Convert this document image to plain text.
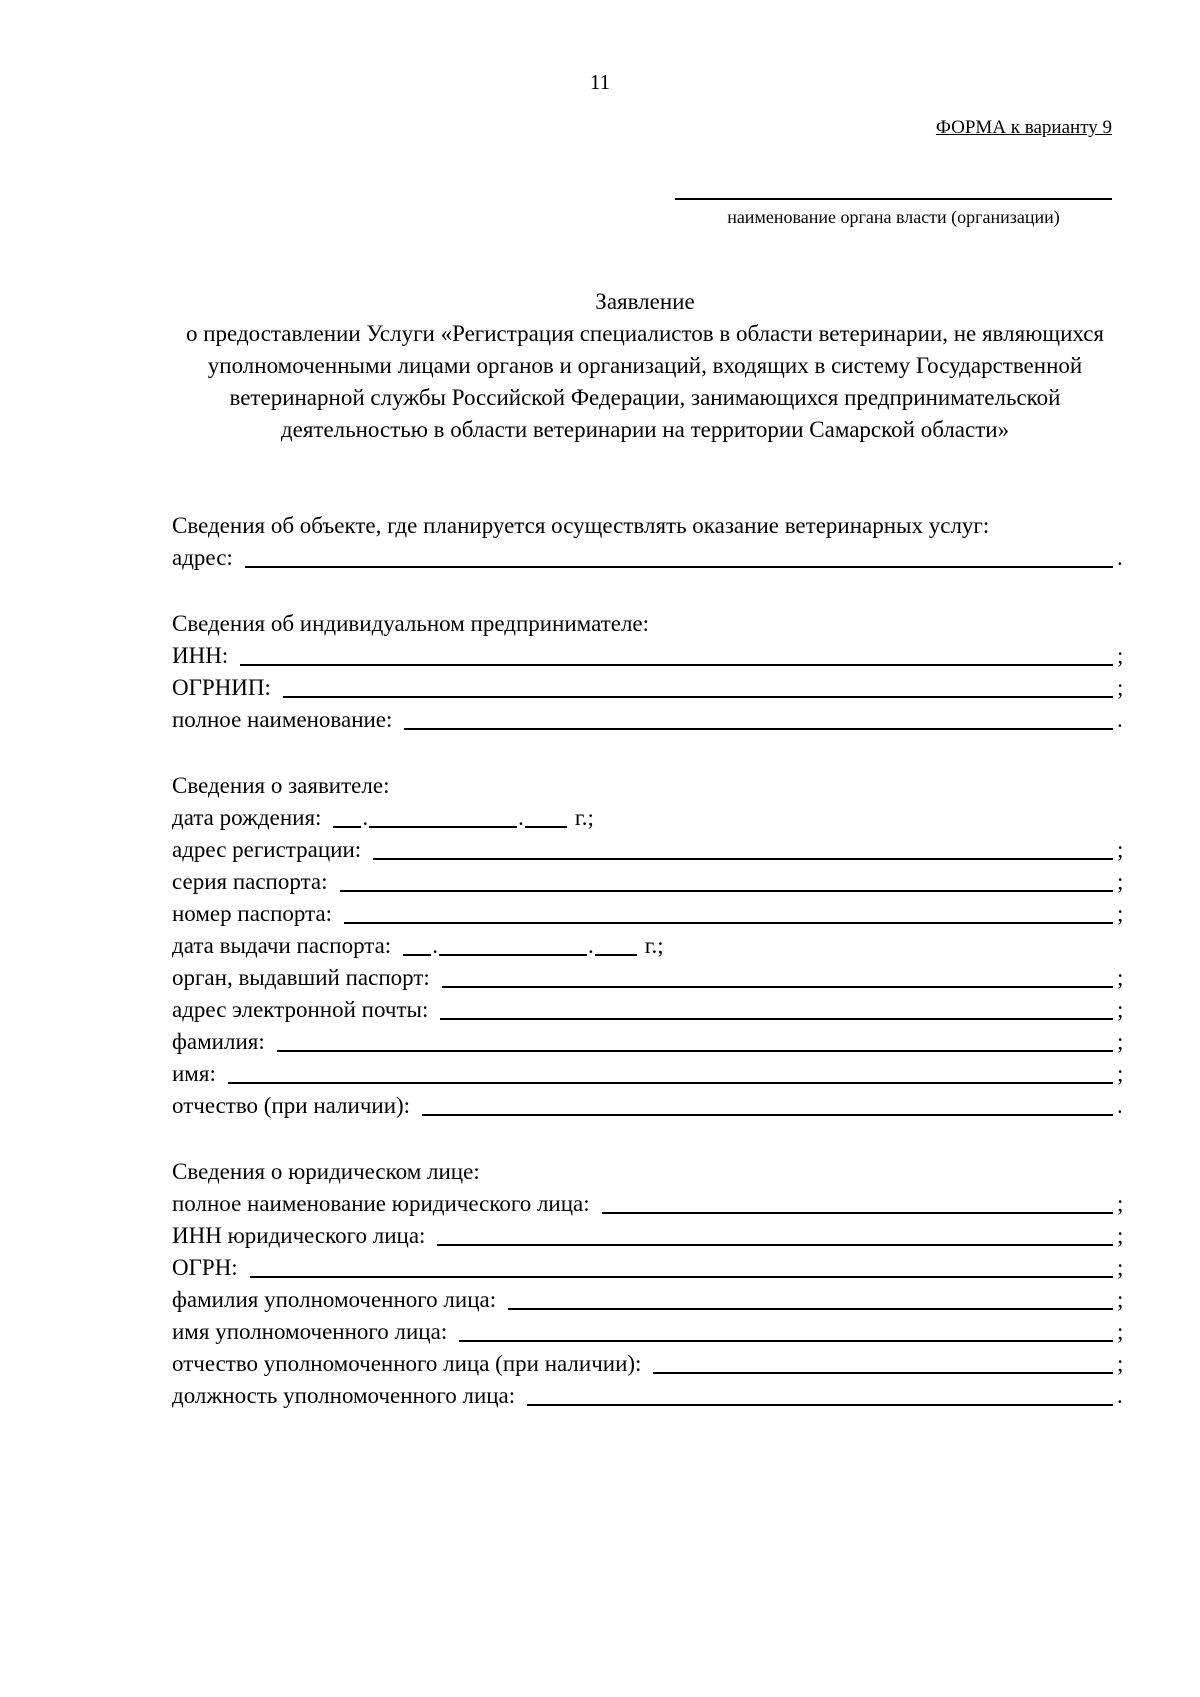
11
ФОРМА к варианту 9
наименование органа власти (организации)
Заявление
о предоставлении Услуги «Регистрация специалистов в области ветеринарии, не являющихся уполномоченными лицами органов и организаций, входящих в систему Государственной ветеринарной службы Российской Федерации, занимающихся предпринимательской деятельностью в области ветеринарии на территории Самарской области»
Сведения об объекте, где планируется осуществлять оказание ветеринарных услуг:
адрес:	.
Сведения об индивидуальном предпринимателе:
ИНН:	;
ОГРНИП:	;
полное наименование:	.
Сведения о заявителе:
дата рождения: .	. г.;
адрес регистрации:	;
серия паспорта:	;
номер паспорта:	;
дата выдачи паспорта: .	. г.;
орган, выдавший паспорт:	;
адрес электронной почты:	;
фамилия:	;
имя:	;
отчество (при наличии):	.
Сведения о юридическом лице:
полное наименование юридического лица:	;
ИНН юридического лица:	;
ОГРН:	;
фамилия уполномоченного лица:	;
имя уполномоченного лица:	;
отчество уполномоченного лица (при наличии):	;
должность уполномоченного лица:	.
